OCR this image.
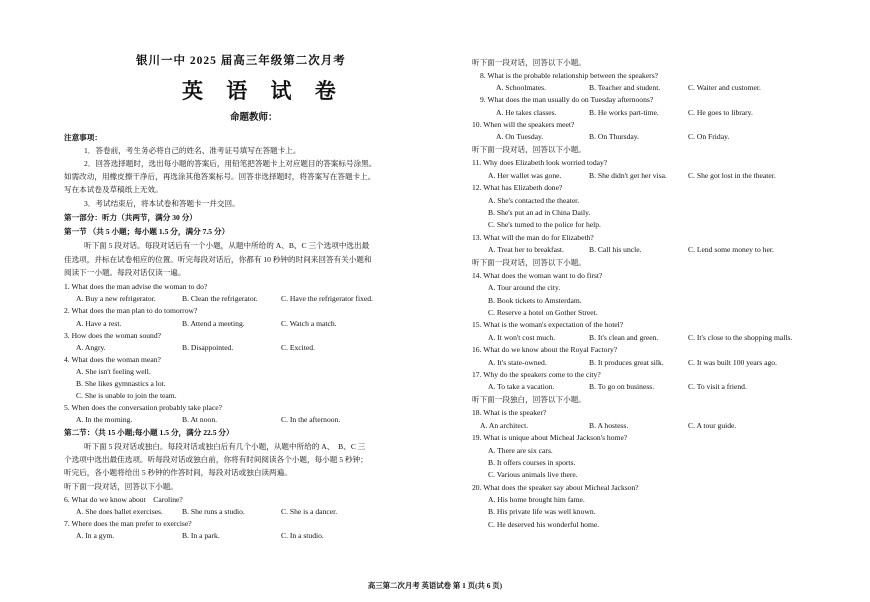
银川一中 2025 届高三年级第二次月考
英 语 试 卷
命题教师：
注意事项：
1．答卷前，考生务必将自己的姓名、准考证号填写在答题卡上。
2．回答选择题时，选出每小题的答案后，用铅笔把答题卡上对应题目的答案标号涂黑。
如需改动，用橡皮擦干净后，再选涂其他答案标号。回答非选择题时，将答案写在答题卡上。
写在本试卷及草稿纸上无效。
3．考试结束后，将本试卷和答题卡一并交回。
第一部分：听力（共两节，满分 30 分）
第一节 （共 5 小题；每小题 1.5 分，满分 7.5 分）
听下面 5 段对话。每段对话后有一个小题，从题中所给的 A、B、C 三个选项中选出最
佳选项，并标在试卷相应的位置。听完每段对话后，你都有 10 秒钟的时间来回答有关小题和
阅读下一小题。每段对话仅读一遍。
1. What does the man advise the woman to do?
A. Buy a new refrigerator.	B. Clean the refrigerator.	C. Have the refrigerator fixed.
2. What does the man plan to do tomorrow?
A. Have a rest.	B. Attend a meeting.	C. Watch a match.
3. How does the woman sound?
A. Angry.	B. Disappointed.	C. Excited.
4. What does the woman mean?
A. She isn't feeling well.
B. She likes gymnastics a lot.
C. She is unable to join the team.
5. When does the conversation probably take place?
A. In the morning.	B. At noon.	C. In the afternoon.
第二节：（共 15 小题;每小题 1.5 分，满分 22.5 分）
听下面 5 段对话或独白。每段对话或独白后有几个小题，从题中所给的 A、　B、C 三
个选项中选出最佳选项。听每段对话或独白前，你将有时间阅读各个小题，每小题 5 秒钟；
听完后，各小题将给出 5 秒钟的作答时间，每段对话或独白读两遍。
听下面一段对话，回答以下小题。
6. What do we know about　Caroline?
A. She does ballet exercises.	B. She runs a studio.	C. She is a dancer.
7. Where does the man prefer to exercise?
A. In a gym.	B. In a park.	C. In a studio.
听下面一段对话，回答以下小题。
8. What is the probable relationship between the speakers?
A. Schoolmates.	B. Teacher and student.	C. Waiter and customer.
9. What does the man usually do on Tuesday afternoons?
A. He takes classes.	B. He works part-time.	C. He goes to library.
10. When will the speakers meet?
A. On Tuesday.	B. On Thursday.	C. On Friday.
听下面一段对话，回答以下小题。
11. Why does Elizabeth look worried today?
A. Her wallet was gone.	B. She didn't get her visa.	C. She got lost in the theater.
12. What has Elizabeth done?
A. She's contacted the theater.
B. She's put an ad in China Daily.
C. She's turned to the police for help.
13. What will the man do for Elizabeth?
A. Treat her to breakfast.	B. Call his uncle.	C. Lend some money to her.
听下面一段对话，回答以下小题。
14. What does the woman want to do first?
A. Tour around the city.
B. Book tickets to Amsterdam.
C. Reserve a hotel on Gother Street.
15. What is the woman's expectation of the hotel?
A. It won't cost much.	B. It's clean and green.	C. It's close to the shopping malls.
16. What do we know about the Royal Factory?
A. It's state-owned.	B. It produces great silk.	C. It was built 100 years ago.
17. Why do the speakers come to the city?
A. To take a vacation.	B. To go on business.	C. To visit a friend.
听下面一段独白，回答以下小题。
18. What is the speaker?
A. An architect.	B. A hostess.	C. A tour guide.
19. What is unique about Micheal Jackson's home?
A. There are six cars.
B. It offers courses in sports.
C. Various animals live there.
20. What does the speaker say about Micheal Jackson?
A. His home brought him fame.
B. His private life was well known.
C. He deserved his wonderful home.
高三第二次月考 英语试卷 第 1 页(共 6 页)
